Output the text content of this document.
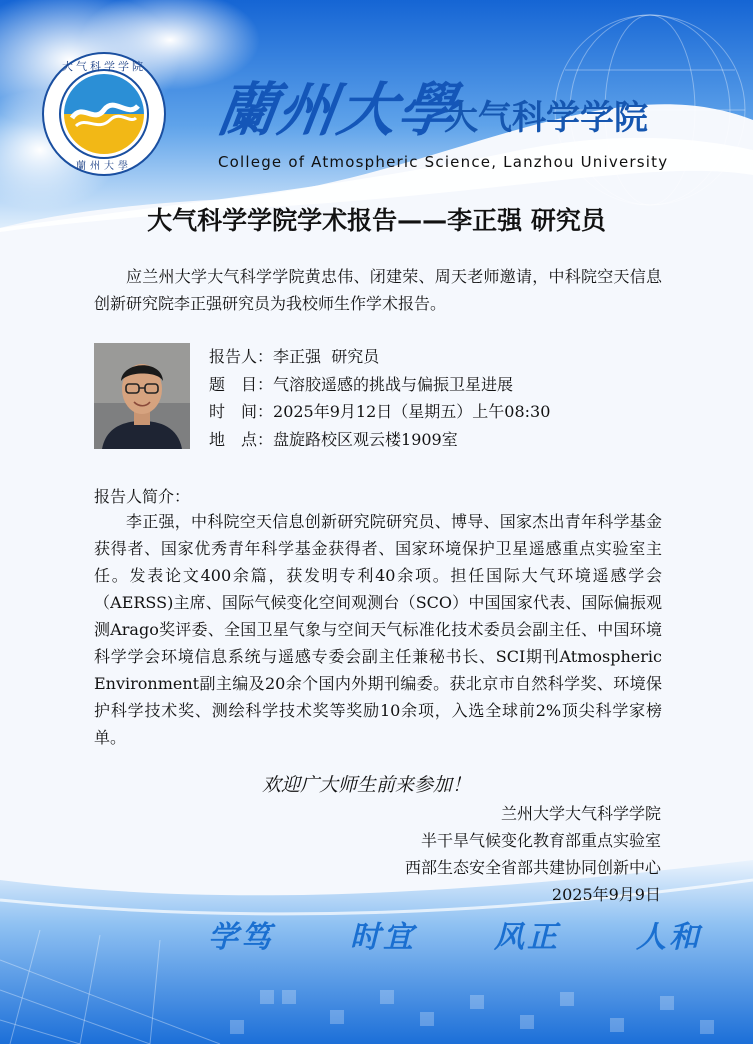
大气科学学院
蘭州大學
蘭州大學
大气科学学院
College of Atmospheric Science, Lanzhou University
大气科学学院学术报告——李正强 研究员
应兰州大学大气科学学院黄忠伟、闭建荣、周天老师邀请，中科院空天信息创新研究院李正强研究员为我校师生作学术报告。
报告人：李正强  研究员
题　目：气溶胶遥感的挑战与偏振卫星进展
时　间：2025年9月12日（星期五）上午08:30
地　点：盘旋路校区观云楼1909室
报告人简介：
李正强，中科院空天信息创新研究院研究员、博导、国家杰出青年科学基金获得者、国家优秀青年科学基金获得者、国家环境保护卫星遥感重点实验室主任。发表论文400余篇，获发明专利40余项。担任国际大气环境遥感学会（AERSS)主席、国际气候变化空间观测台（SCO）中国国家代表、国际偏振观测Arago奖评委、全国卫星气象与空间天气标准化技术委员会副主任、中国环境科学学会环境信息系统与遥感专委会副主任兼秘书长、SCI期刊Atmospheric Environment副主编及20余个国内外期刊编委。获北京市自然科学奖、环境保护科学技术奖、测绘科学技术奖等奖励10余项，入选全球前2%顶尖科学家榜单。
欢迎广大师生前来参加！
兰州大学大气科学学院
半干旱气候变化教育部重点实验室
西部生态安全省部共建协同创新中心
2025年9月9日
学笃	时宜	风正	人和
